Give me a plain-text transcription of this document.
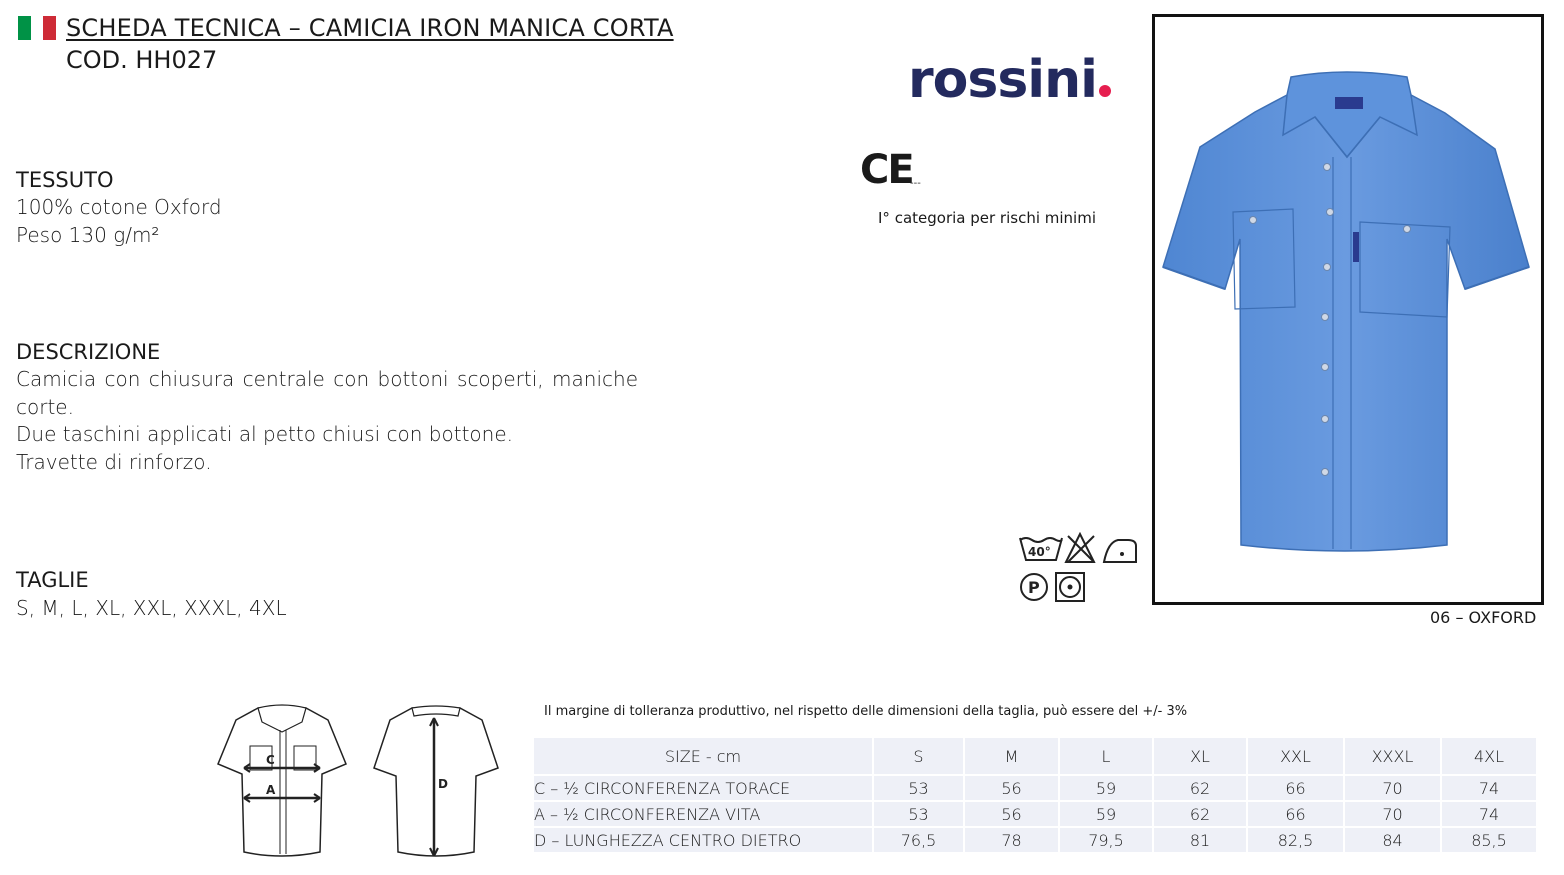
SCHEDA TECNICA – CAMICIA IRON MANICA CORTA
COD. HH027	rossini
CE
---
I° categoria per rischi minimi
TESSUTO
100% cotone Oxford
Peso 130 g/m²
DESCRIZIONE
Camicia con chiusura centrale con bottoni scoperti, maniche corte.
Due taschini applicati al petto chiusi con bottone.
Travette di rinforzo.
TAGLIE
S, M, L, XL, XXL, XXXL, 4XL	06 – OXFORD
40°
P
C
A	D
Il margine di tolleranza produttivo, nel rispetto delle dimensioni della taglia, può essere del +/- 3%
SIZE - cm	S	M	L	XL	XXL	XXXL	4XL
C – ½ CIRCONFERENZA TORACE	53	56	59	62	66	70	74
A – ½ CIRCONFERENZA VITA	53	56	59	62	66	70	74
D – LUNGHEZZA CENTRO DIETRO	76,5	78	79,5	81	82,5	84	85,5
